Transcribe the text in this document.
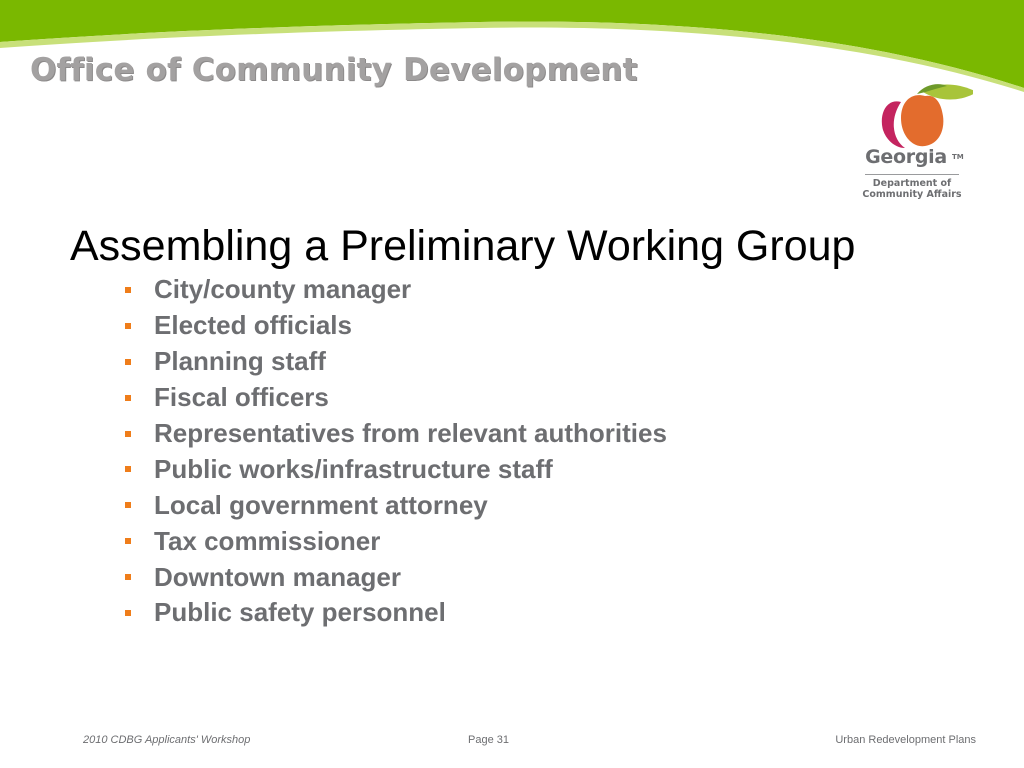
Office of Community Development
Georgia TM
Department of
Community Affairs
Assembling a Preliminary Working Group
City/county manager
Elected officials
Planning staff
Fiscal officers
Representatives from relevant authorities
Public works/infrastructure staff
Local government attorney
Tax commissioner
Downtown manager
Public safety personnel
2010 CDBG Applicants' Workshop	Page 31	Urban Redevelopment Plans
